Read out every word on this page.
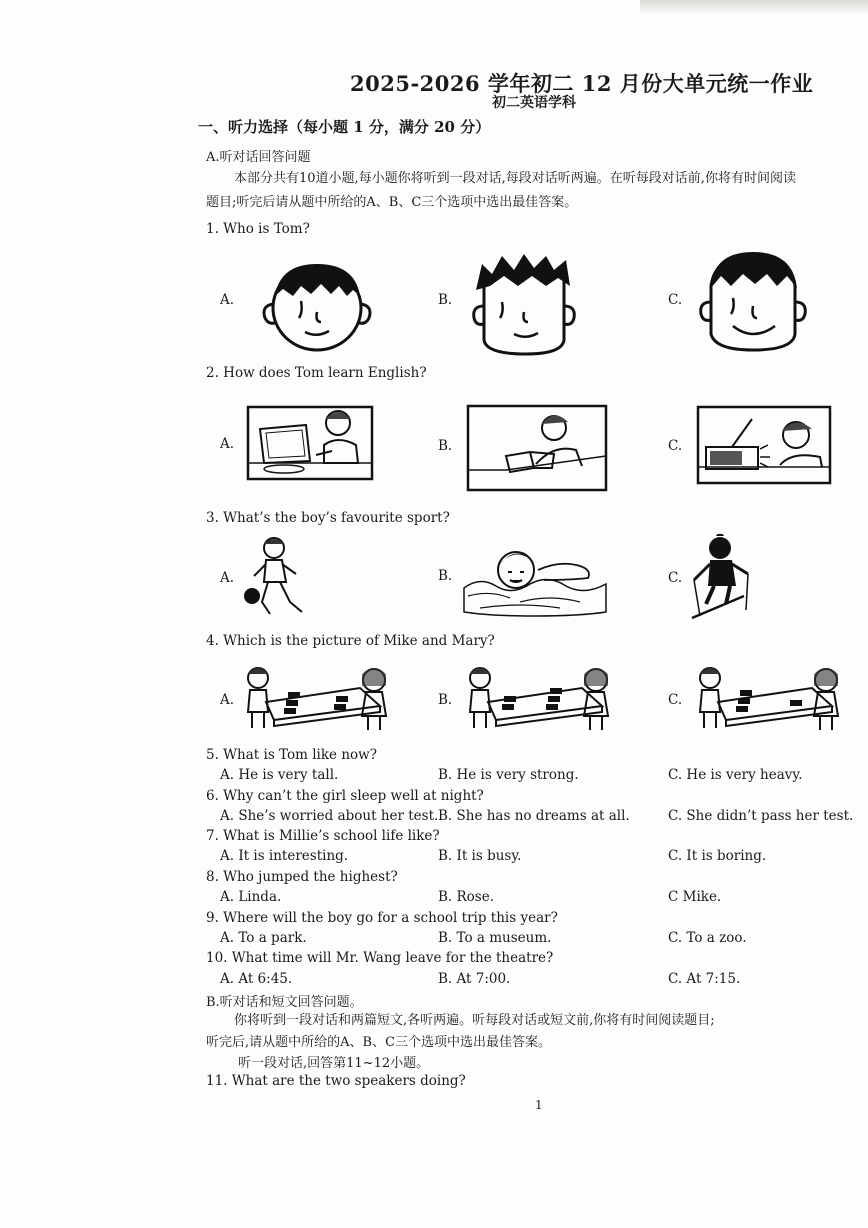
2025-2026 学年初二 12 月份大单元统一作业
初二英语学科
一、听力选择（每小题 1 分，满分 20 分）
A.听对话回答问题
本部分共有10道小题,每小题你将听到一段对话,每段对话听两遍。在听每段对话前,你将有时间阅读
题目;听完后请从题中所给的A、B、C三个选项中选出最佳答案。
1. Who is Tom?
A.	B.	C.
2. How does Tom learn English?
A.	B.	C.
3. What’s the boy’s favourite sport?
A.	B.	C.
4. Which is the picture of Mike and Mary?
A.	B.	C.
5. What is Tom like now?
A. He is very tall.	B. He is very strong.	C. He is very heavy.
6. Why can’t the girl sleep well at night?
A. She’s worried about her test. B. She has no dreams at all.	C. She didn’t pass her test.
7. What is Millie’s school life like?
A. It is interesting.	B. It is busy.	C. It is boring.
8. Who jumped the highest?
A. Linda.	B. Rose.	C Mike.
9. Where will the boy go for a school trip this year?
A. To a park.	B. To a museum.	C. To a zoo.
10. What time will Mr. Wang leave for the theatre?
A. At 6:45.	B. At 7:00.	C. At 7:15.
B.听对话和短文回答问题。
你将听到一段对话和两篇短文,各听两遍。听每段对话或短文前,你将有时间阅读题目;
听完后,请从题中所给的A、B、C三个选项中选出最佳答案。
听一段对话,回答第11~12小题。
11. What are the two speakers doing?
1
